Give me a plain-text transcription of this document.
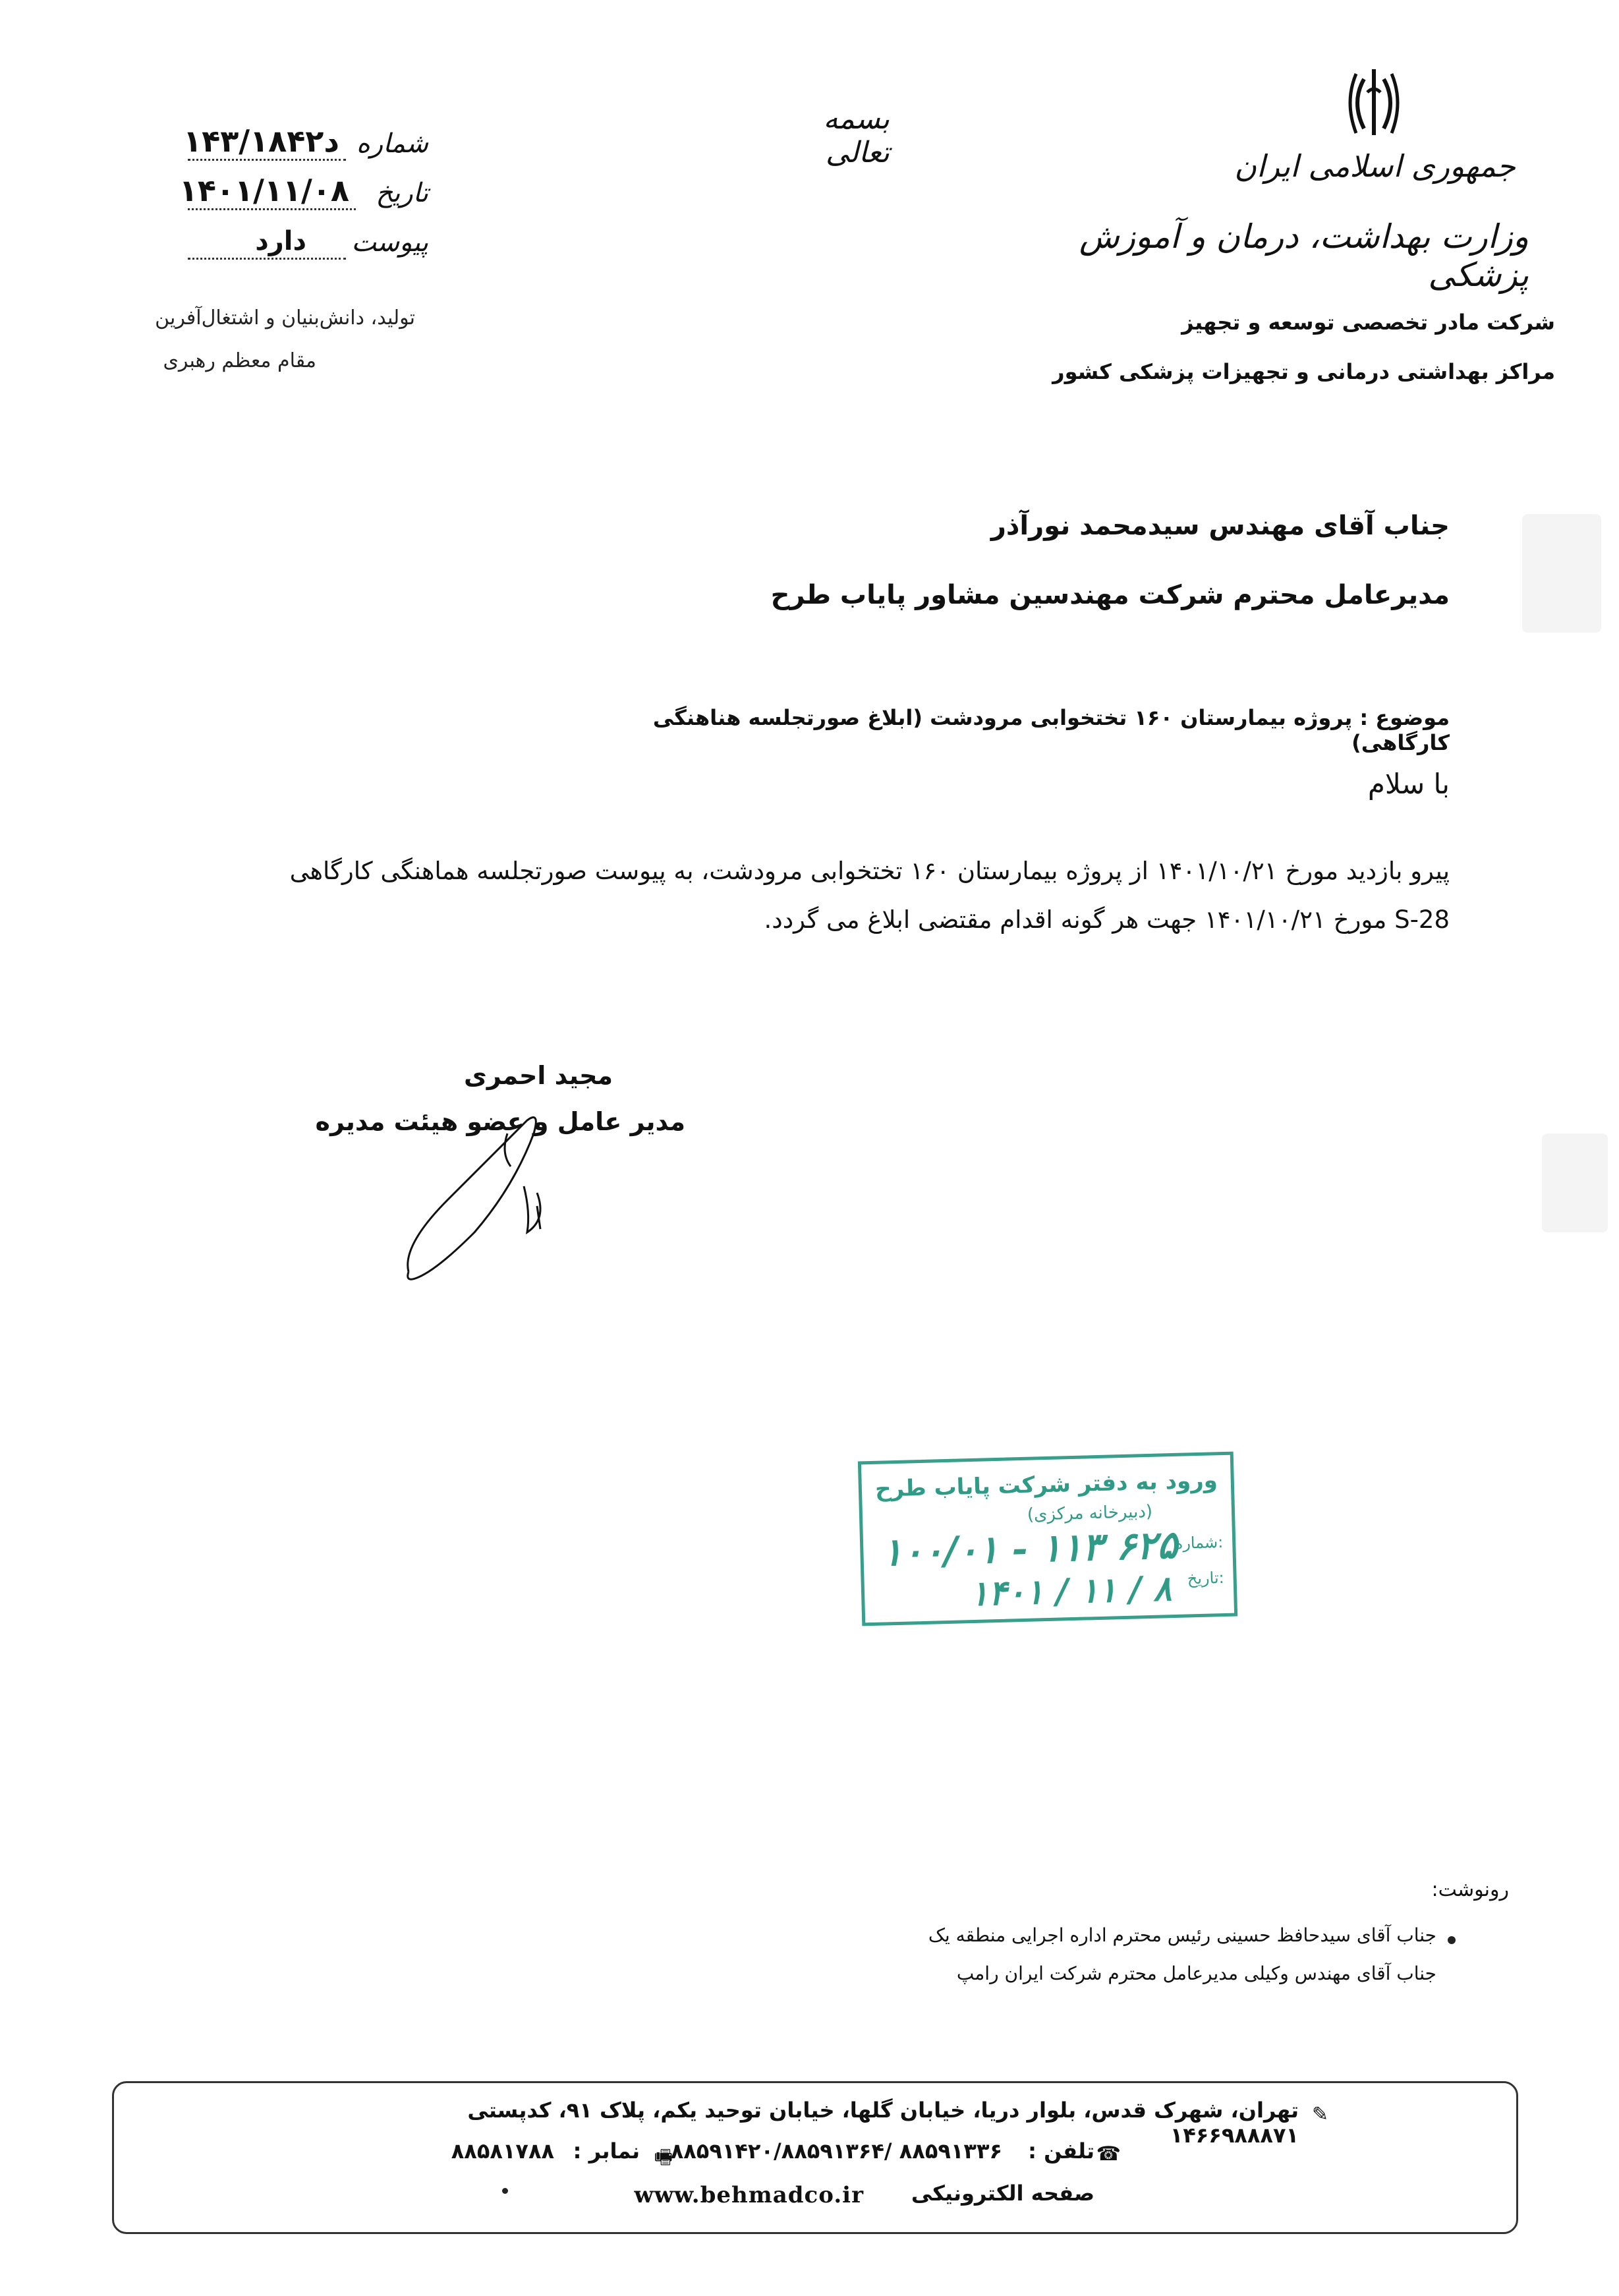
بسمه تعالی	جمهوری اسلامی ایران
وزارت بهداشت، درمان و آموزش پزشکی
شرکت مادر تخصصی توسعه و تجهیز
مراکز بهداشتی درمانی و تجهیزات پزشکی کشور
شماره
۱۴۳/۱۸۴۲د
تاریخ
۱۴۰۱/۱۱/۰۸
پیوست
دارد
تولید، دانش‌بنیان و اشتغال‌آفرین
مقام معظم رهبری
جناب آقای مهندس سیدمحمد نورآذر
مدیرعامل محترم شرکت مهندسین مشاور پایاب طرح
موضوع : پروژه بیمارستان ۱۶۰ تختخوابی مرودشت (ابلاغ صورتجلسه هناهنگی کارگاهی)
با سلام
پیرو بازدید مورخ ۱۴۰۱/۱۰/۲۱ از پروژه بیمارستان ۱۶۰ تختخوابی مرودشت، به پیوست صورتجلسه هماهنگی کارگاهی
S-28 مورخ ۱۴۰۱/۱۰/۲۱ جهت هر گونه اقدام مقتضی ابلاغ می گردد.
مجید احمری
مدیر عامل و عضو هیئت مدیره
ورود به دفتر شرکت پایاب طرح
(دبیرخانه مرکزی)
شماره:
تاریخ:
۱۰۰/۰۱ - ۱۱۳ ۶۲۵
۱۴۰۱ / ۱۱ / ۸
رونوشت:
جناب آقای سیدحافظ حسینی رئیس محترم اداره اجرایی منطقه یک
جناب آقای مهندس وکیلی مدیرعامل محترم شرکت ایران رامپ
✎
تهران، شهرک قدس، بلوار دریا، خیابان گلها، خیابان توحید یکم، پلاک ۹۱، کدپستی ۱۴۶۶۹۸۸۸۷۱
☎
تلفن :
۸۸۵۹۱۴۲۰/۸۸۵۹۱۳۶۴/ ۸۸۵۹۱۳۳۶
🖷
نمابر :
۸۸۵۸۱۷۸۸
صفحه الکترونیکی
www.behmadco.ir
